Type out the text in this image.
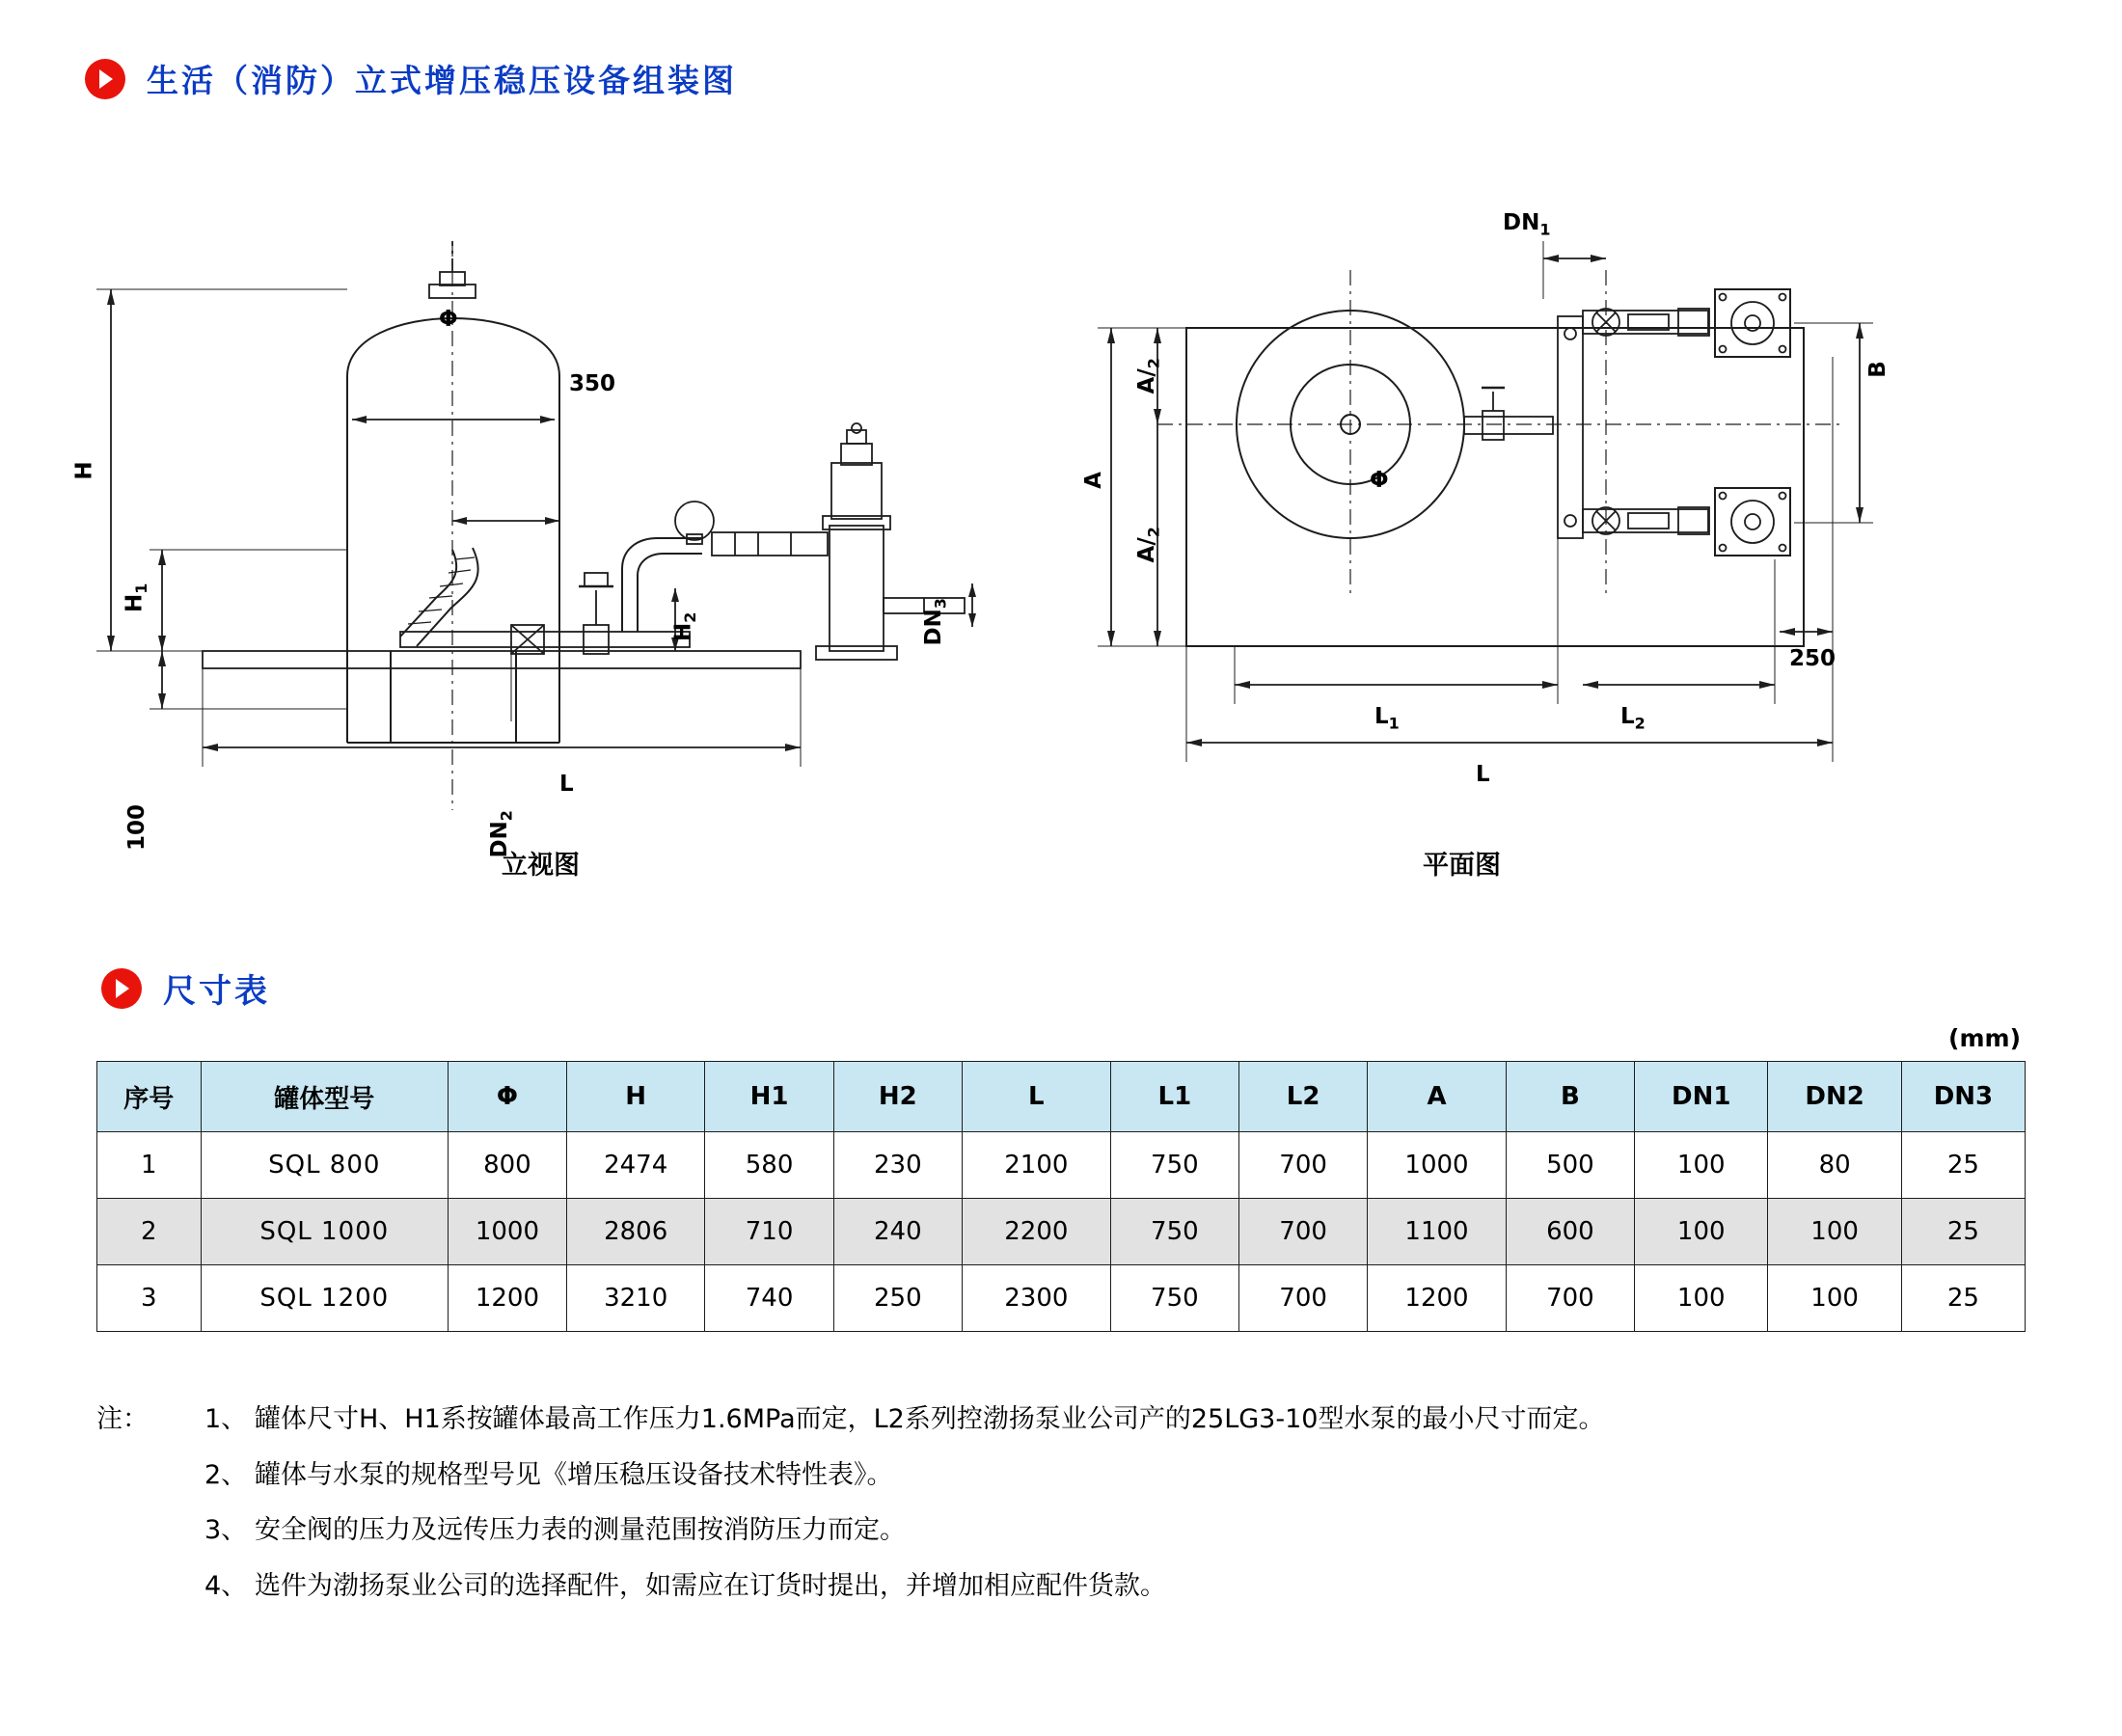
生活（消防）立式增压稳压设备组装图
H
Φ
$H_1$
100
350
$H_2$	$DN_3$
$DN_2$
L
立视图
A
$A/_2$
$A/_2$
B
$DN_1$
Φ
$L_1$	$L_2$
250
L
平面图
尺寸表
(mm)
序号	罐体型号	Φ	H	H1	H2	L	L1	L2	A	B	DN1	DN2	DN3
1	SQL 800	800	2474	580	230	2100	750	700	1000	500	100	80	25
2	SQL 1000	1000	2806	710	240	2200	750	700	1100	600	100	100	25
3	SQL 1200	1200	3210	740	250	2300	750	700	1200	700	100	100	25
注：	1、 罐体尺寸H、H1系按罐体最高工作压力1.6MPa而定，L2系列控渤扬泵业公司产的25LG3-10型水泵的最小尺寸而定。
2、 罐体与水泵的规格型号见《增压稳压设备技术特性表》。
3、 安全阀的压力及远传压力表的测量范围按消防压力而定。
4、 选件为渤扬泵业公司的选择配件，如需应在订货时提出，并增加相应配件货款。
